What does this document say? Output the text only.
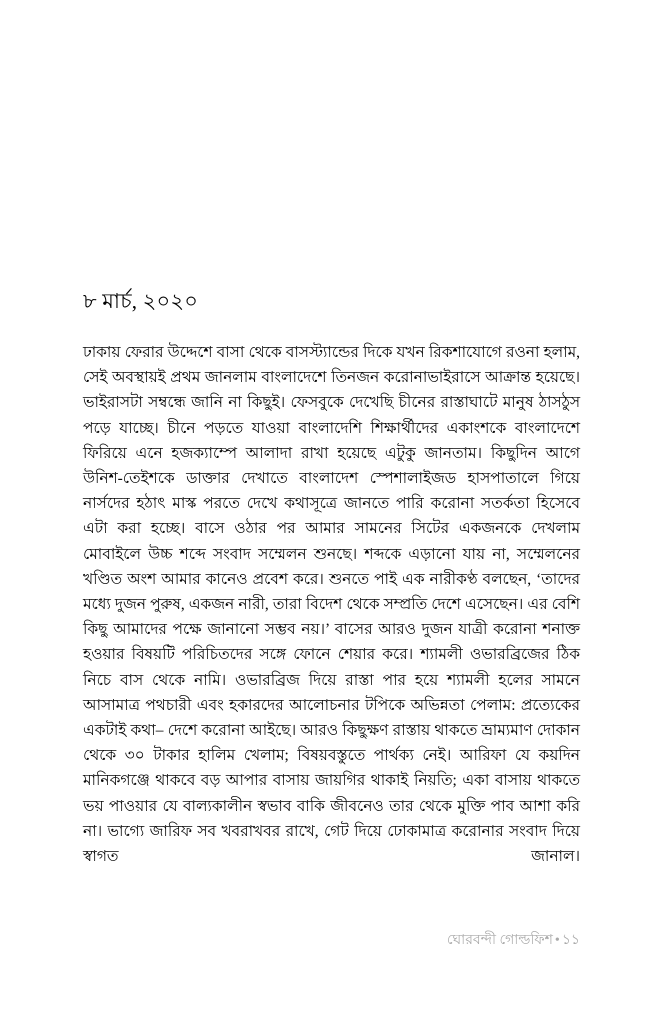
৮ মার্চ, ২০২০

ঢাকায় ফেরার উদ্দেশে বাসা থেকে বাসস্ট্যান্ডের দিকে যখন রিকশাযোগে রওনা হলাম, সেই অবস্থায়ই প্রথম জানলাম বাংলাদেশে তিনজন করোনাভাইরাসে আক্রান্ত হয়েছে। ভাইরাসটা সম্বন্ধে জানি না কিছুই। ফেসবুকে দেখেছি চীনের রাস্তাঘাটে মানুষ ঠাসঠুস পড়ে যাচ্ছে। চীনে পড়তে যাওয়া বাংলাদেশি শিক্ষার্থীদের একাংশকে বাংলাদেশে ফিরিয়ে এনে হজক্যাম্পে আলাদা রাখা হয়েছে এটুকু জানতাম। কিছুদিন আগে উনিশ-তেইশকে ডাক্তার দেখাতে বাংলাদেশ স্পেশালাইজড হাসপাতালে গিয়ে নার্সদের হঠাৎ মাস্ক পরতে দেখে কথাসূত্রে জানতে পারি করোনা সতর্কতা হিসেবে এটা করা হচ্ছে। বাসে ওঠার পর আমার সামনের সিটের একজনকে দেখলাম মোবাইলে উচ্চ শব্দে সংবাদ সম্মেলন শুনছে। শব্দকে এড়ানো যায় না, সম্মেলনের খণ্ডিত অংশ আমার কানেও প্রবেশ করে। শুনতে পাই এক নারীকণ্ঠ বলছেন, ‘তাদের মধ্যে দুজন পুরুষ, একজন নারী, তারা বিদেশ থেকে সম্প্রতি দেশে এসেছেন। এর বেশি কিছু আমাদের পক্ষে জানানো সম্ভব নয়।’ বাসের আরও দুজন যাত্রী করোনা শনাক্ত হওয়ার বিষয়টি পরিচিতদের সঙ্গে ফোনে শেয়ার করে। শ্যামলী ওভারব্রিজের ঠিক নিচে বাস থেকে নামি। ওভারব্রিজ দিয়ে রাস্তা পার হয়ে শ্যামলী হলের সামনে আসামাত্র পথচারী এবং হকারদের আলোচনার টপিকে অভিন্নতা পেলাম: প্রত্যেকের একটাই কথা– দেশে করোনা আইছে। আরও কিছুক্ষণ রাস্তায় থাকতে ভ্রাম্যমাণ দোকান থেকে ৩০ টাকার হালিম খেলাম; বিষয়বস্তুতে পার্থক্য নেই। আরিফা যে কয়দিন মানিকগঞ্জে থাকবে বড় আপার বাসায় জায়গির থাকাই নিয়তি; একা বাসায় থাকতে ভয় পাওয়ার যে বাল্যকালীন স্বভাব বাকি জীবনেও তার থেকে মুক্তি পাব আশা করি না। ভাগ্যে জারিফ সব খবরাখবর রাখে, গেট দিয়ে ঢোকামাত্র করোনার সংবাদ দিয়ে স্বাগত জানাল।

ঘোরবন্দী গোল্ডফিশ • ১১
